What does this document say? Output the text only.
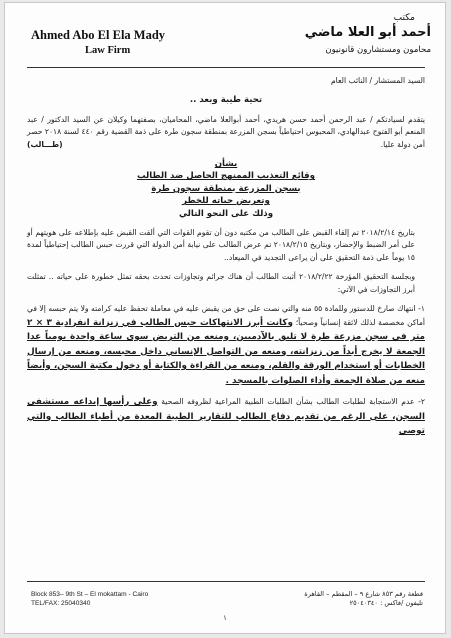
Ahmed Abo El Ela Mady
Law Firm
مكتب
أحمد أبو العلا ماضي
محامون ومستشارون قانونيون

السيد المستشار / النائب العام

تحية طيبة وبعد ..

يتقدم لسيادتكم / عبد الرحمن أحمد حسن هريدي، أحمد أبوالعلا ماضي، المحاميان، بصفتهما وكيلان عن السيد الدكتور / عبد المنعم أبو الفتوح عبدالهادي، المحبوس احتياطياً بسجن المزرعة بمنطقة سجون طرة على ذمة القضية رقم ٤٤٠ لسنة ٢٠١٨ حصر أمن دولة عليا.
(طـــالب)

بشأن

وقائع التعذيب الممنهج الحاصل ضد الطالب

بسجن المزرعة بمنطقة سجون طرة

وتعريض حياته للخطر

وذلك على النحو التالي

بتاريخ ٢٠١٨/٢/١٤ تم إلقاء القبض على الطالب من مكتبه دون أن تقوم القوات التي ألقت القبض عليه بإطلاعه على هويتهم أو على أمر الضبط والإحضار، وبتاريخ ٢٠١٨/٢/١٥ تم عرض الطالب على نيابة أمن الدولة التي قررت حبس الطالب إحتياطياً لمدة ١٥ يوماً على ذمة التحقيق على أن يراعى التجديد في الميعاد..

وبجلسة التحقيق المؤرخة ٢٠١٨/٢/٢٢ أثبت الطالب أن هناك جرائم وتجاوزات تحدث بحقه تمثل خطورة على حياته .. تمثلت أبرز التجاوزات في الآتي:

١- انتهاك صارخ للدستور وللمادة ٥٥ منه والتي نصت على حق من يقبض عليه في معاملة تحفظ عليه كرامته ولا يتم حبسه إلا في أماكن مخصصة لذلك لائقة إنسانياً وصحياً؛ وكانت أبرز الانتهاكات حبس الطالب في زنزانة انفرادية ٣ × ٢ متر في سجن مزرعة طرة لا تليق بالآدميين، ومنعه من التريض سوى ساعة واحدة يومياً عدا الجمعة لا يخرج أبداً من زنزانته، ومنعه من التواصل الإنساني داخل محبسه، ومنعه من إرسال الخطابات أو استخدام الورقة والقلم، ومنعه من القراءة والكتابة أو دخول مكتبة السجن، وأيضاً منعه من صلاة الجمعة وأداء الصلوات بالمسجد .

٢- عدم الاستجابة لطلبات الطالب بشأن الطلبات الطبية المراعية لظروفه الصحية وعلى رأسها إيداعه مستشفى السجن، على الرغم من تقديم دفاع الطالب للتقارير الطبية المعدة من أطباء الطالب والتي توصي

Block 853– 9th St – El mokattam - Cairo
TEL/FAX: 25040340
قطعة رقم ٨٥٣ شارع ٩ – المقطم – القاهرة
تليفون /فاكس : ٢٥٠٤٠٣٤٠
١
